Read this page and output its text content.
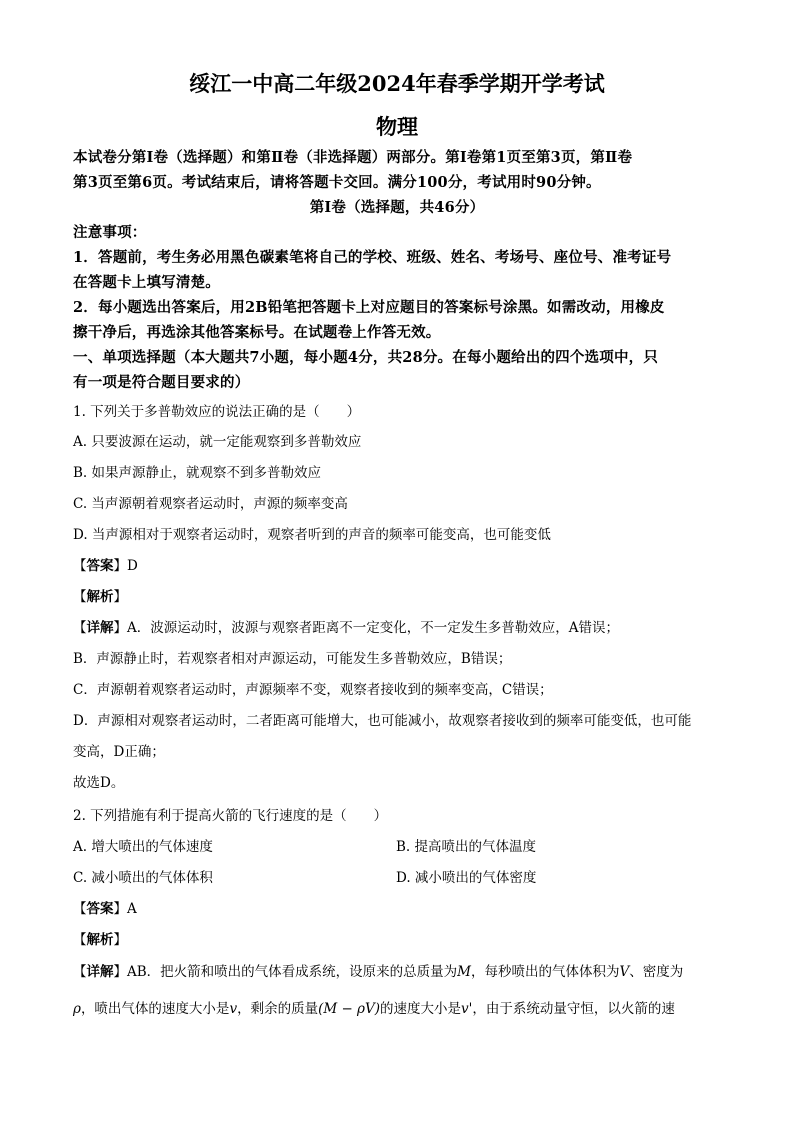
绥江一中高二年级2024年春季学期开学考试
物理
本试卷分第Ⅰ卷（选择题）和第Ⅱ卷（非选择题）两部分。第Ⅰ卷第1页至第3页，第Ⅱ卷
第3页至第6页。考试结束后，请将答题卡交回。满分100分，考试用时90分钟。
第Ⅰ卷（选择题，共46分）
注意事项：
1．答题前，考生务必用黑色碳素笔将自己的学校、班级、姓名、考场号、座位号、准考证号
在答题卡上填写清楚。
2．每小题选出答案后，用2B铅笔把答题卡上对应题目的答案标号涂黑。如需改动，用橡皮
擦干净后，再选涂其他答案标号。在试题卷上作答无效。
一、单项选择题（本大题共7小题，每小题4分，共28分。在每小题给出的四个选项中，只
有一项是符合题目要求的）
1. 下列关于多普勒效应的说法正确的是（　　）
A. 只要波源在运动，就一定能观察到多普勒效应
B. 如果声源静止，就观察不到多普勒效应
C. 当声源朝着观察者运动时，声源的频率变高
D. 当声源相对于观察者运动时，观察者听到的声音的频率可能变高，也可能变低
【答案】D
【解析】
【详解】A．波源运动时，波源与观察者距离不一定变化，不一定发生多普勒效应，A错误；
B．声源静止时，若观察者相对声源运动，可能发生多普勒效应，B错误；
C．声源朝着观察者运动时，声源频率不变，观察者接收到的频率变高，C错误；
D．声源相对观察者运动时，二者距离可能增大，也可能减小，故观察者接收到的频率可能变低，也可能
变高，D正确；
故选D。
2. 下列措施有利于提高火箭的飞行速度的是（　　）
A. 增大喷出的气体速度	B. 提高喷出的气体温度
C. 减小喷出的气体体积	D. 减小喷出的气体密度
【答案】A
【解析】
【详解】AB．把火箭和喷出的气体看成系统，设原来的总质量为M，每秒喷出的气体体积为V、密度为
ρ，喷出气体的速度大小是v，剩余的质量(M − ρV)的速度大小是v'，由于系统动量守恒，以火箭的速
